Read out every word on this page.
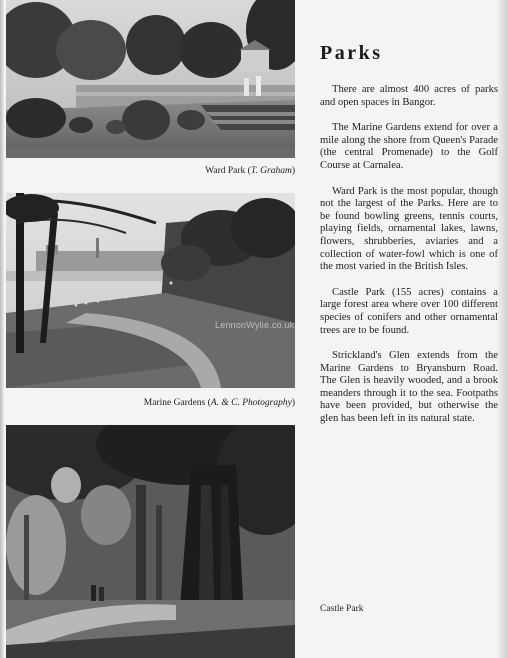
Ward Park (T. Graham)
Marine Gardens (A. & C. Photography)
LennonWylie.co.uk
Parks

There are almost 400 acres of parks and open spaces in Bangor.

The Marine Gardens extend for over a mile along the shore from Queen's Parade (the central Promenade) to the Golf Course at Carnalea.

Ward Park is the most popular, though not the largest of the Parks. Here are to be found bowling greens, tennis courts, playing fields, ornamental lakes, lawns, flowers, shrubberies, aviaries and a collection of water-fowl which is one of the most varied in the British Isles.

Castle Park (155 acres) contains a large forest area where over 100 different species of conifers and other ornamental trees are to be found.

Strickland's Glen extends from the Marine Gardens to Bryansburn Road. The Glen is heavily wooded, and a brook meanders through it to the sea. Footpaths have been provided, but otherwise the glen has been left in its natural state.

Castle Park
